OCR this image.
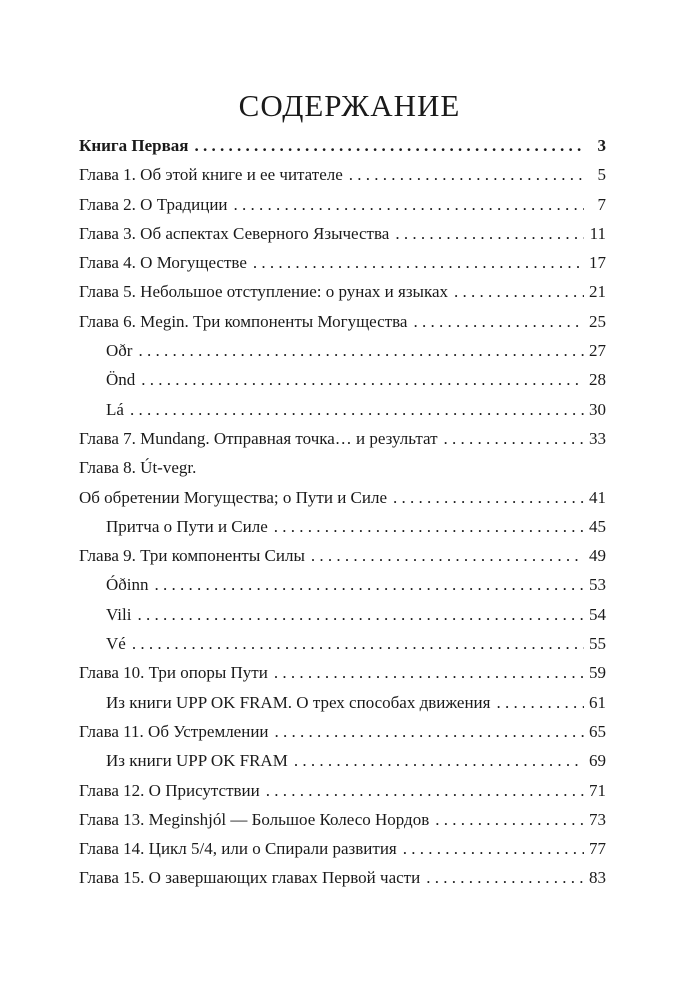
СОДЕРЖАНИЕ
Книга Первая . . .	3
Глава 1. Об этой книге и ее читателе . . .	5
Глава 2. О Традиции . . .	7
Глава 3. Об аспектах Северного Язычества . . .	11
Глава 4. О Могуществе . . .	17
Глава 5. Небольшое отступление: о рунах и языках . . .	21
Глава 6. Megin. Три компоненты Могущества . . .	25
Oðr . . .	27
Önd . . .	28
Lá . . .	30
Глава 7. Mundang. Отправная точка… и результат . . .	33
Глава 8. Út-vegr.
Об обретении Могущества; о Пути и Силе . . .	41
Притча о Пути и Силе . . .	45
Глава 9. Три компоненты Силы . . .	49
Óðinn . . .	53
Vili . . .	54
Vé . . .	55
Глава 10. Три опоры Пути . . .	59
Из книги UPP OK FRAM. О трех способах движения . . .	61
Глава 11. Об Устремлении . . .	65
Из книги UPP OK FRAM . . .	69
Глава 12. О Присутствии . . .	71
Глава 13. Meginshjól — Большое Колесо Нордов . . .	73
Глава 14. Цикл 5/4, или о Спирали развития . . .	77
Глава 15. О завершающих главах Первой части . . .	83
